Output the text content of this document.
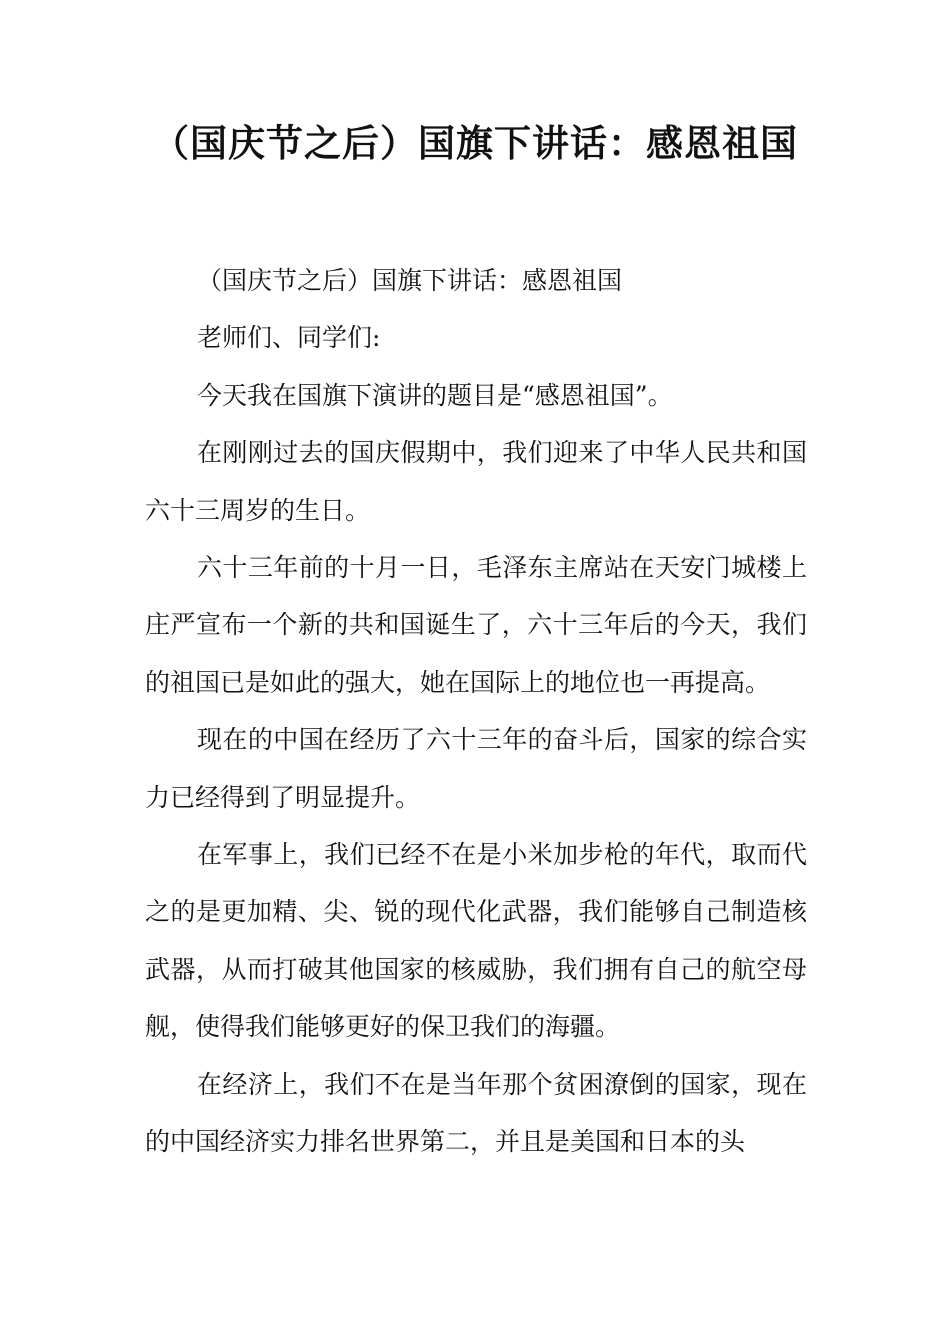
（国庆节之后）国旗下讲话：感恩祖国

（国庆节之后）国旗下讲话：感恩祖国

老师们、同学们:

今天我在国旗下演讲的题目是“感恩祖国”。

在刚刚过去的国庆假期中，我们迎来了中华人民共和国六十三周岁的生日。

六十三年前的十月一日，毛泽东主席站在天安门城楼上庄严宣布一个新的共和国诞生了，六十三年后的今天，我们的祖国已是如此的强大，她在国际上的地位也一再提高。

现在的中国在经历了六十三年的奋斗后，国家的综合实力已经得到了明显提升。

在军事上，我们已经不在是小米加步枪的年代，取而代之的是更加精、尖、锐的现代化武器，我们能够自己制造核武器，从而打破其他国家的核威胁，我们拥有自己的航空母舰，使得我们能够更好的保卫我们的海疆。

在经济上，我们不在是当年那个贫困潦倒的国家，现在的中国经济实力排名世界第二，并且是美国和日本的头
